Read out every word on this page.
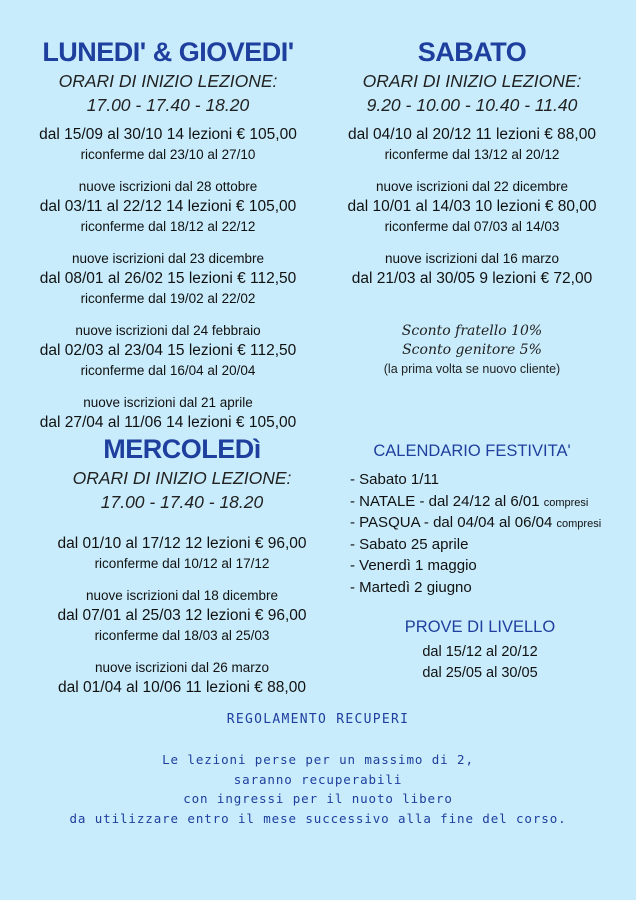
LUNEDI' & GIOVEDI'
ORARI DI INIZIO LEZIONE:
17.00 - 17.40 - 18.20
dal 15/09 al 30/10 14 lezioni € 105,00
riconferme dal 23/10 al 27/10
nuove iscrizioni dal 28 ottobre
dal 03/11 al 22/12 14 lezioni € 105,00
riconferme dal 18/12 al 22/12
nuove iscrizioni dal 23 dicembre
dal 08/01 al 26/02 15 lezioni € 112,50
riconferme dal 19/02 al 22/02
nuove iscrizioni dal 24 febbraio
dal 02/03 al 23/04 15 lezioni € 112,50
riconferme dal 16/04 al 20/04
nuove iscrizioni dal 21 aprile
dal 27/04 al 11/06 14 lezioni € 105,00
SABATO
ORARI DI INIZIO LEZIONE:
9.20 - 10.00 - 10.40 - 11.40
dal 04/10 al 20/12 11 lezioni € 88,00
riconferme dal 13/12 al 20/12
nuove iscrizioni dal 22 dicembre
dal 10/01 al 14/03 10 lezioni € 80,00
riconferme dal 07/03 al 14/03
nuove iscrizioni dal 16 marzo
dal 21/03 al 30/05 9 lezioni € 72,00
Sconto fratello 10%
Sconto genitore 5%
(la prima volta se nuovo cliente)
MERCOLEDì
ORARI DI INIZIO LEZIONE:
17.00 - 17.40 - 18.20
dal 01/10 al 17/12 12 lezioni € 96,00
riconferme dal 10/12 al 17/12
nuove iscrizioni dal 18 dicembre
dal 07/01 al 25/03 12 lezioni € 96,00
riconferme dal 18/03 al 25/03
nuove iscrizioni dal 26 marzo
dal 01/04 al 10/06 11 lezioni € 88,00
CALENDARIO FESTIVITA'
- Sabato 1/11
- NATALE - dal 24/12 al 6/01 compresi
- PASQUA - dal 04/04 al 06/04 compresi
- Sabato 25 aprile
- Venerdì 1 maggio
- Martedì 2 giugno
PROVE DI LIVELLO
dal 15/12 al 20/12
dal 25/05 al 30/05
REGOLAMENTO RECUPERI
Le lezioni perse per un massimo di 2,
saranno recuperabili
con ingressi per il nuoto libero
da utilizzare entro il mese successivo alla fine del corso.
